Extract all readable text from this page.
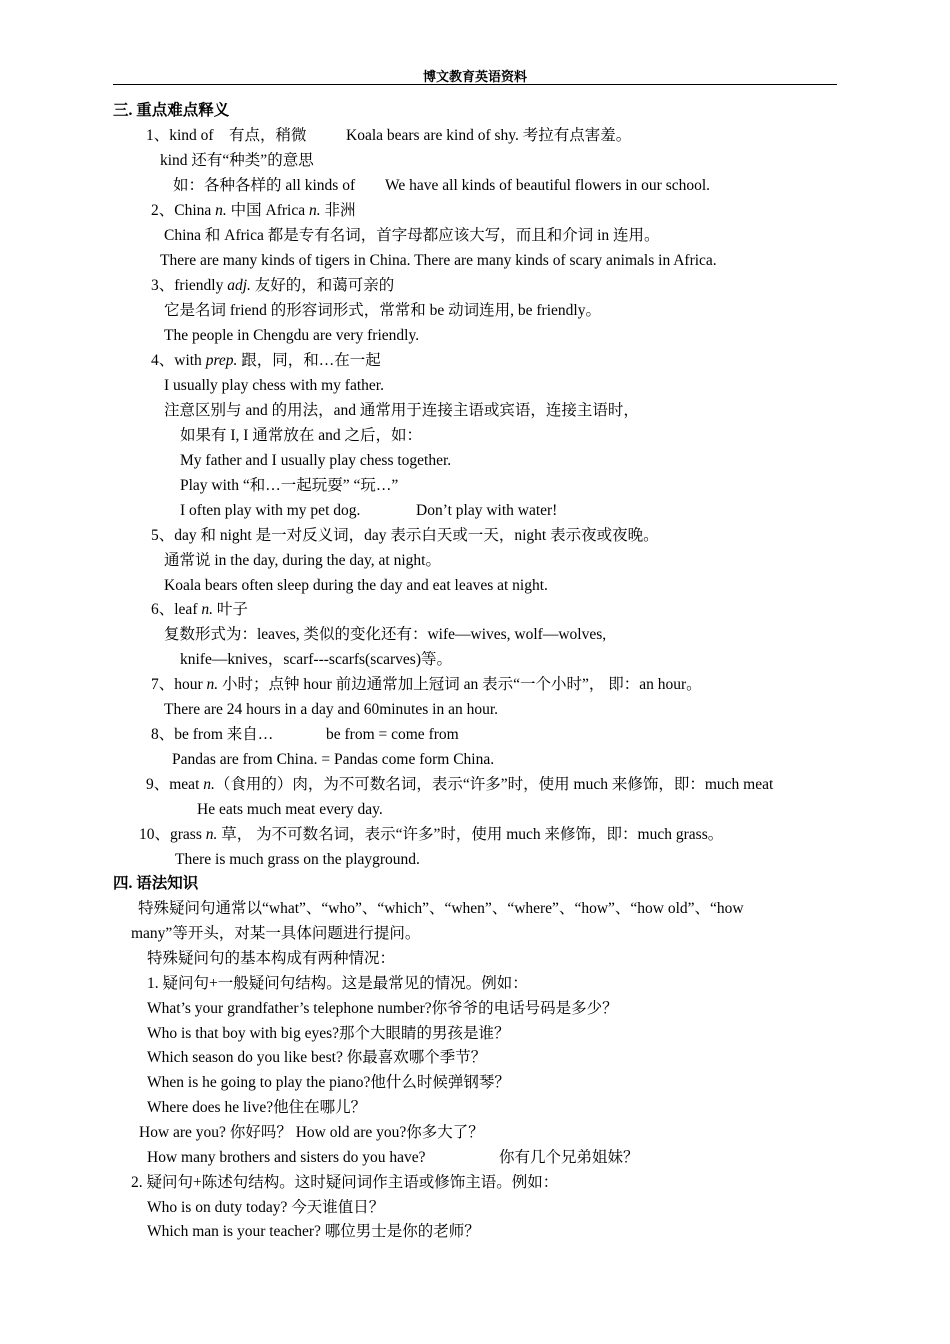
博文教育英语资料
三. 重点难点释义
1、kind of 有点，稍微	Koala bears are kind of shy. 考拉有点害羞。
kind 还有“种类”的意思
如：各种各样的 all kinds of We have all kinds of beautiful flowers in our school.
2、China n. 中国 Africa n. 非洲
China 和 Africa 都是专有名词，首字母都应该大写，而且和介词 in 连用。
There are many kinds of tigers in China. There are many kinds of scary animals in Africa.
3、friendly adj. 友好的，和蔼可亲的
它是名词 friend 的形容词形式，常常和 be 动词连用, be friendly。
The people in Chengdu are very friendly.
4、with prep. 跟，同，和…在一起
I usually play chess with my father.
注意区别与 and 的用法，and 通常用于连接主语或宾语，连接主语时，
如果有 I, I 通常放在 and 之后，如：
My father and I usually play chess together.
Play with “和…一起玩耍” “玩…”
I often play with my pet dog.	Don’t play with water!
5、day 和 night 是一对反义词，day 表示白天或一天，night 表示夜或夜晚。
通常说 in the day, during the day, at night。
Koala bears often sleep during the day and eat leaves at night.
6、leaf n. 叶子
复数形式为：leaves, 类似的变化还有：wife—wives, wolf—wolves,
knife—knives，scarf---scarfs(scarves)等。
7、hour n. 小时；点钟 hour 前边通常加上冠词 an 表示“一个小时”， 即：an hour。
There are 24 hours in a day and 60minutes in an hour.
8、be from 来自…	be from = come from
Pandas are from China. = Pandas come form China.
9、meat n.（食用的）肉，为不可数名词，表示“许多”时，使用 much 来修饰，即：much meat
He eats much meat every day.
10、grass n. 草， 为不可数名词，表示“许多”时，使用 much 来修饰，即：much grass。
There is much grass on the playground.
四. 语法知识
特殊疑问句通常以“what”、“who”、“which”、“when”、“where”、“how”、“how old”、“how
many”等开头，对某一具体问题进行提问。
特殊疑问句的基本构成有两种情况：
1. 疑问句+一般疑问句结构。这是最常见的情况。例如：
What’s your grandfather’s telephone number?你爷爷的电话号码是多少？
Who is that boy with big eyes?那个大眼睛的男孩是谁？
Which season do you like best? 你最喜欢哪个季节？
When is he going to play the piano?他什么时候弹钢琴？
Where does he live?他住在哪儿？
How are you? 你好吗？ How old are you?你多大了？
How many brothers and sisters do you have?	你有几个兄弟姐妹？
2. 疑问句+陈述句结构。这时疑问词作主语或修饰主语。例如：
Who is on duty today? 今天谁值日？
Which man is your teacher? 哪位男士是你的老师？
